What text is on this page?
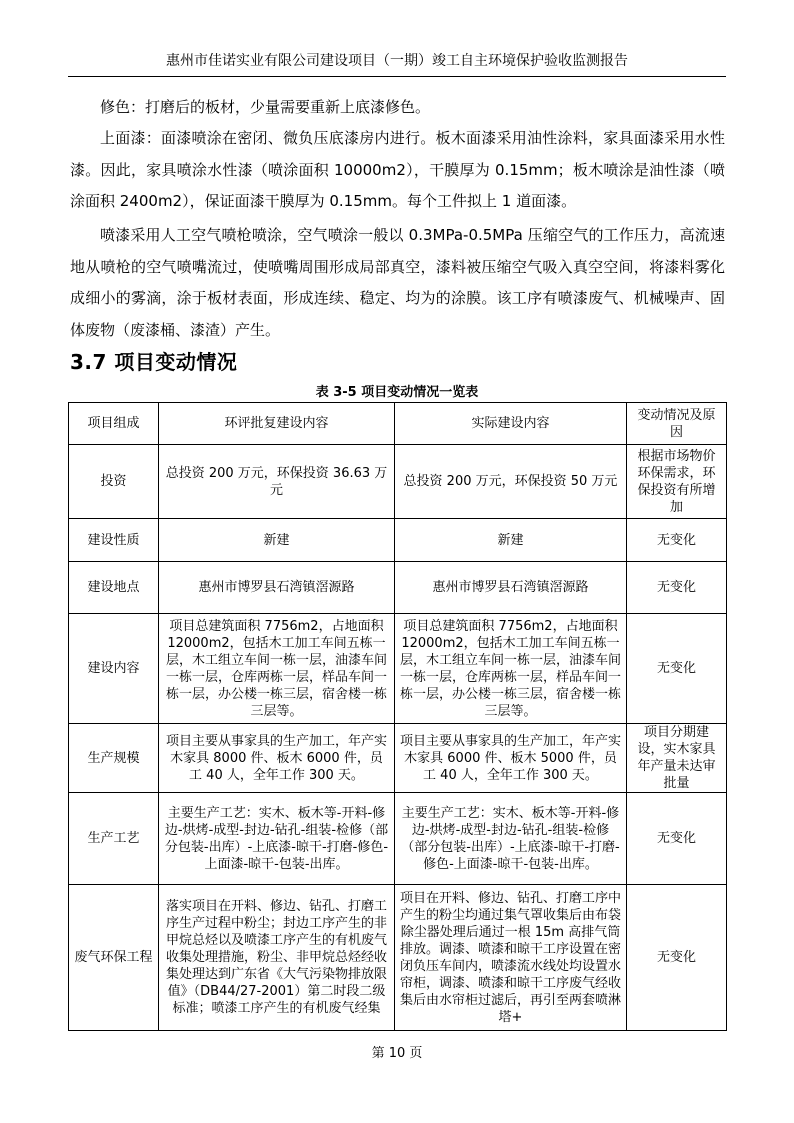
惠州市佳诺实业有限公司建设项目（一期）竣工自主环境保护验收监测报告
修色：打磨后的板材，少量需要重新上底漆修色。
上面漆：面漆喷涂在密闭、微负压底漆房内进行。板木面漆采用油性涂料，家具面漆采用水性漆。因此，家具喷涂水性漆（喷涂面积 10000m2），干膜厚为 0.15mm；板木喷涂是油性漆（喷涂面积 2400m2），保证面漆干膜厚为 0.15mm。每个工件拟上 1 道面漆。
喷漆采用人工空气喷枪喷涂，空气喷涂一般以 0.3MPa-0.5MPa 压缩空气的工作压力，高流速地从喷枪的空气喷嘴流过，使喷嘴周围形成局部真空，漆料被压缩空气吸入真空空间，将漆料雾化成细小的雾滴，涂于板材表面，形成连续、稳定、均为的涂膜。该工序有喷漆废气、机械噪声、固体废物（废漆桶、漆渣）产生。
3.7 项目变动情况
表 3-5 项目变动情况一览表
项目组成	环评批复建设内容	实际建设内容	变动情况及原因
投资	总投资 200 万元，环保投资 36.63 万元	总投资 200 万元，环保投资 50 万元	根据市场物价环保需求，环保投资有所增加
建设性质	新建	新建	无变化
建设地点	惠州市博罗县石湾镇滘源路	惠州市博罗县石湾镇滘源路	无变化
建设内容	项目总建筑面积 7756m2，占地面积 12000m2，包括木工加工车间五栋一层，木工组立车间一栋一层，油漆车间一栋一层，仓库两栋一层，样品车间一栋一层，办公楼一栋三层，宿舍楼一栋三层等。	项目总建筑面积 7756m2，占地面积 12000m2，包括木工加工车间五栋一层，木工组立车间一栋一层，油漆车间一栋一层，仓库两栋一层，样品车间一栋一层，办公楼一栋三层，宿舍楼一栋三层等。	无变化
生产规模	项目主要从事家具的生产加工，年产实木家具 8000 件、板木 6000 件，员工 40 人，全年工作 300 天。	项目主要从事家具的生产加工，年产实木家具 6000 件、板木 5000 件，员工 40 人，全年工作 300 天。	项目分期建设，实木家具年产量未达审批量
生产工艺	主要生产工艺：实木、板木等-开料-修边-烘烤-成型-封边-钻孔-组装-检修（部分包装-出库）-上底漆-晾干-打磨-修色-上面漆-晾干-包装-出库。	主要生产工艺：实木、板木等-开料-修边-烘烤-成型-封边-钻孔-组装-检修（部分包装-出库）-上底漆-晾干-打磨-修色-上面漆-晾干-包装-出库。	无变化
废气环保工程	落实项目在开料、修边、钻孔、打磨工序生产过程中粉尘；封边工序产生的非甲烷总烃以及喷漆工序产生的有机废气收集处理措施，粉尘、非甲烷总烃经收集处理达到广东省《大气污染物排放限值》（DB44/27-2001）第二时段二级标准；喷漆工序产生的有机废气经集	项目在开料、修边、钻孔、打磨工序中产生的粉尘均通过集气罩收集后由布袋除尘器处理后通过一根 15m 高排气筒排放。调漆、喷漆和晾干工序设置在密闭负压车间内，喷漆流水线处均设置水帘柜，调漆、喷漆和晾干工序废气经收集后由水帘柜过滤后，再引至两套喷淋塔+	无变化
第 10 页
